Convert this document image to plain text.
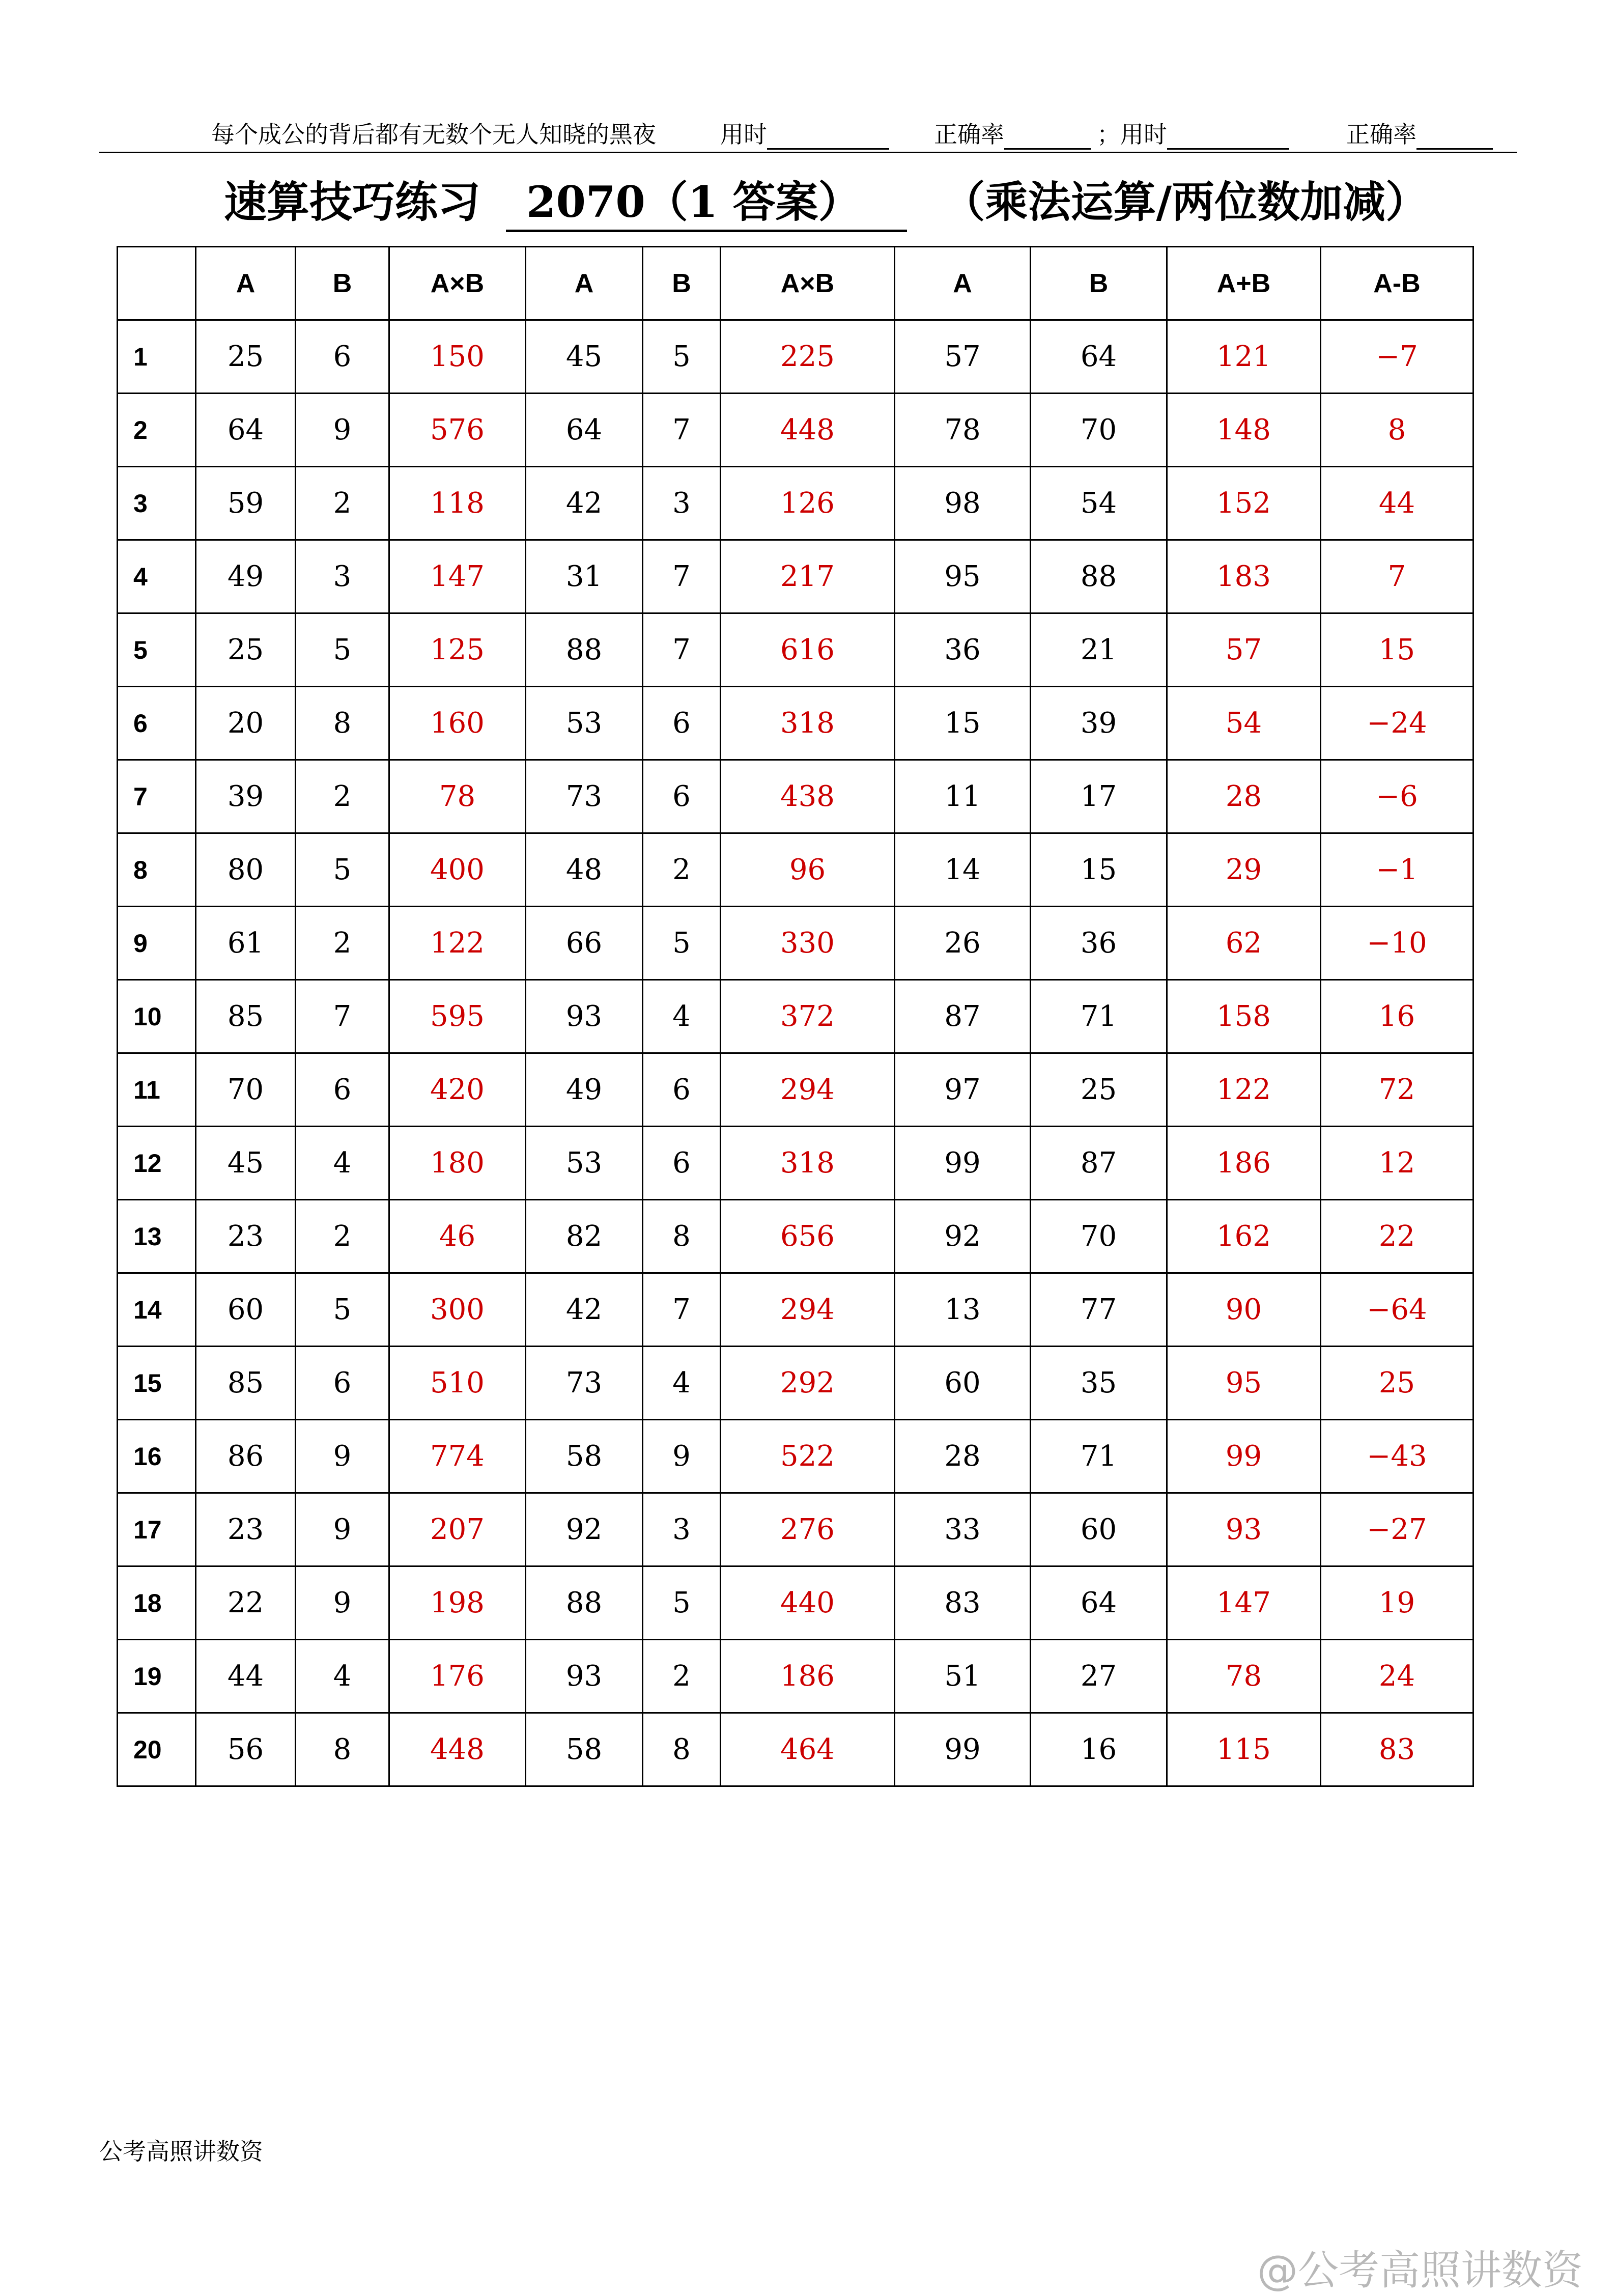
每个成公的背后都有无数个无人知晓的黑夜	用时	正确率	；用时	正确率
速算技巧练习 2070（1 答案） （乘法运算/两位数加减）
	A	B	A×B	A	B	A×B	A	B	A+B	A-B
1	25	6	150	45	5	225	57	64	121	−7
2	64	9	576	64	7	448	78	70	148	8
3	59	2	118	42	3	126	98	54	152	44
4	49	3	147	31	7	217	95	88	183	7
5	25	5	125	88	7	616	36	21	57	15
6	20	8	160	53	6	318	15	39	54	−24
7	39	2	78	73	6	438	11	17	28	−6
8	80	5	400	48	2	96	14	15	29	−1
9	61	2	122	66	5	330	26	36	62	−10
10	85	7	595	93	4	372	87	71	158	16
11	70	6	420	49	6	294	97	25	122	72
12	45	4	180	53	6	318	99	87	186	12
13	23	2	46	82	8	656	92	70	162	22
14	60	5	300	42	7	294	13	77	90	−64
15	85	6	510	73	4	292	60	35	95	25
16	86	9	774	58	9	522	28	71	99	−43
17	23	9	207	92	3	276	33	60	93	−27
18	22	9	198	88	5	440	83	64	147	19
19	44	4	176	93	2	186	51	27	78	24
20	56	8	448	58	8	464	99	16	115	83
公考高照讲数资
@公考高照讲数资
